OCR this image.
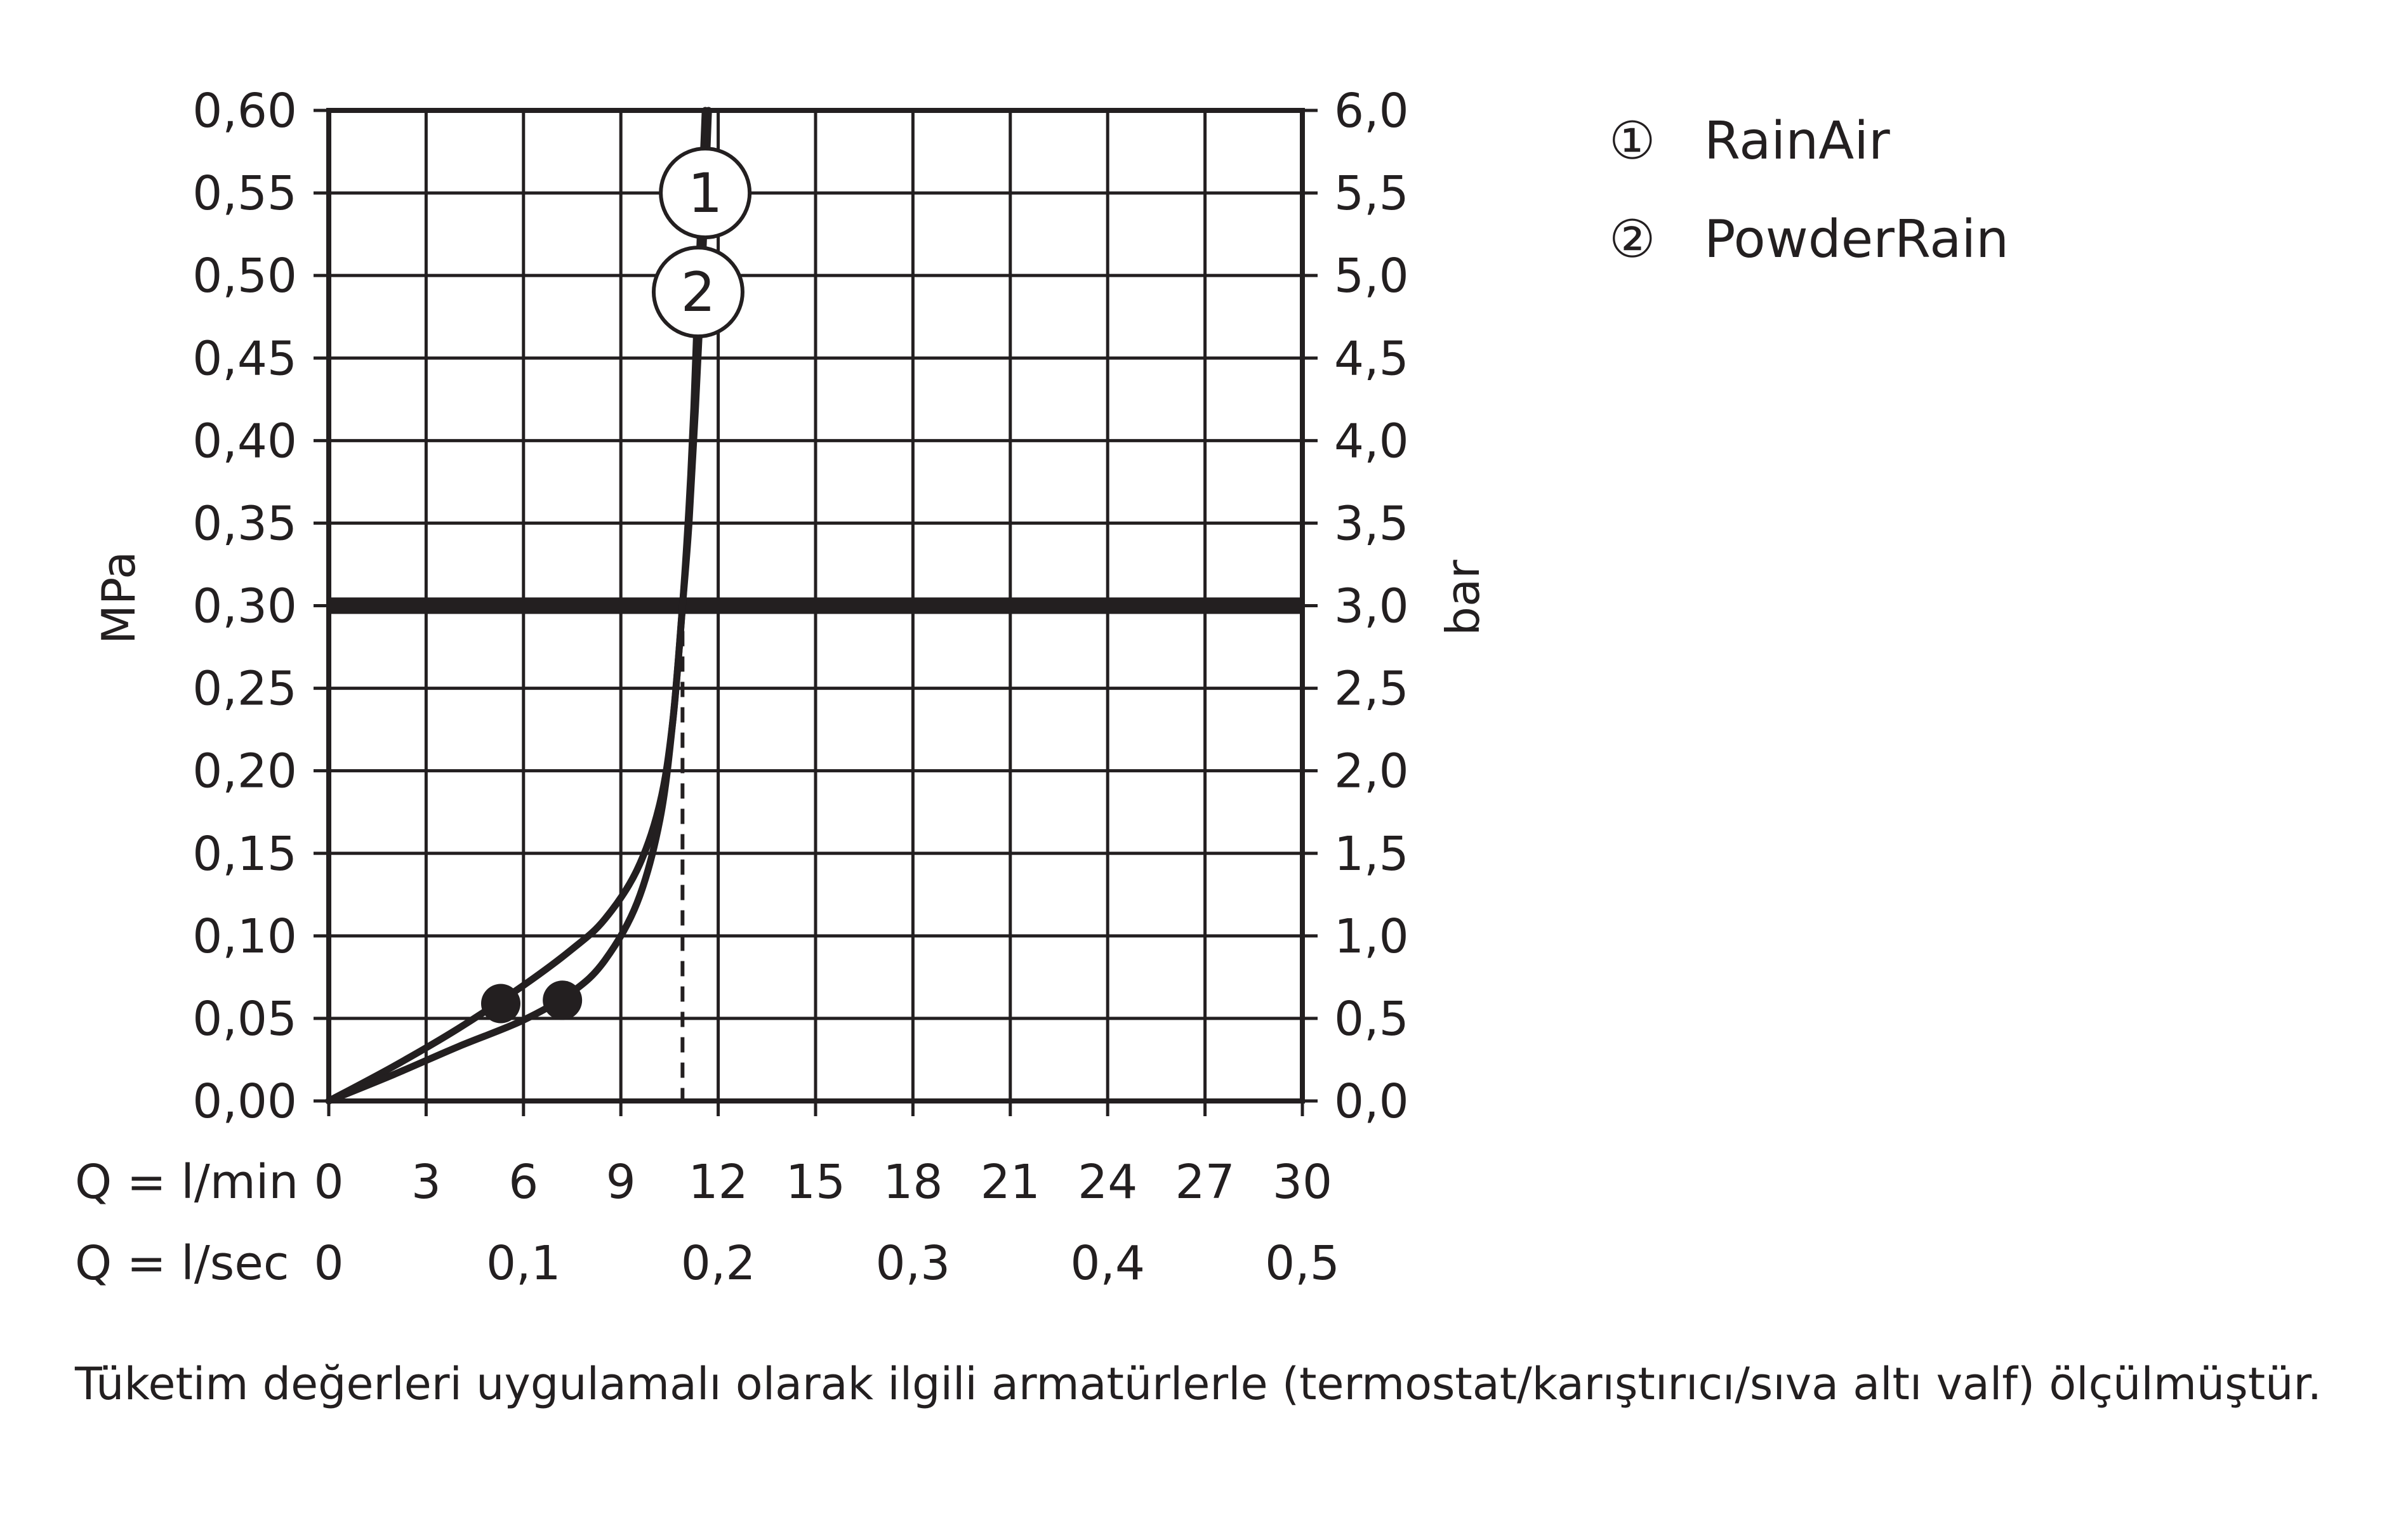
1
2
0 3 6 9 12 15 18 21 24 27 30
0,00	0,0
0,05	0,5
0,10	1,0
0,15	1,5
0,20	2,0
0,25	2,5
0,30	3,0
0,35	3,5
0,40	4,0
0,45	4,5
0,50	5,0
0,55	5,5
0,60	6,0
0	0,1	0,2	0,3	0,4	0,5
MPa	bar
Q = l/min
Q = l/sec
① RainAir
② PowderRain
Tüketim değerleri uygulamalı olarak ilgili armatürlerle (termostat/karıştırıcı/sıva altı valf) ölçülmüştür.
